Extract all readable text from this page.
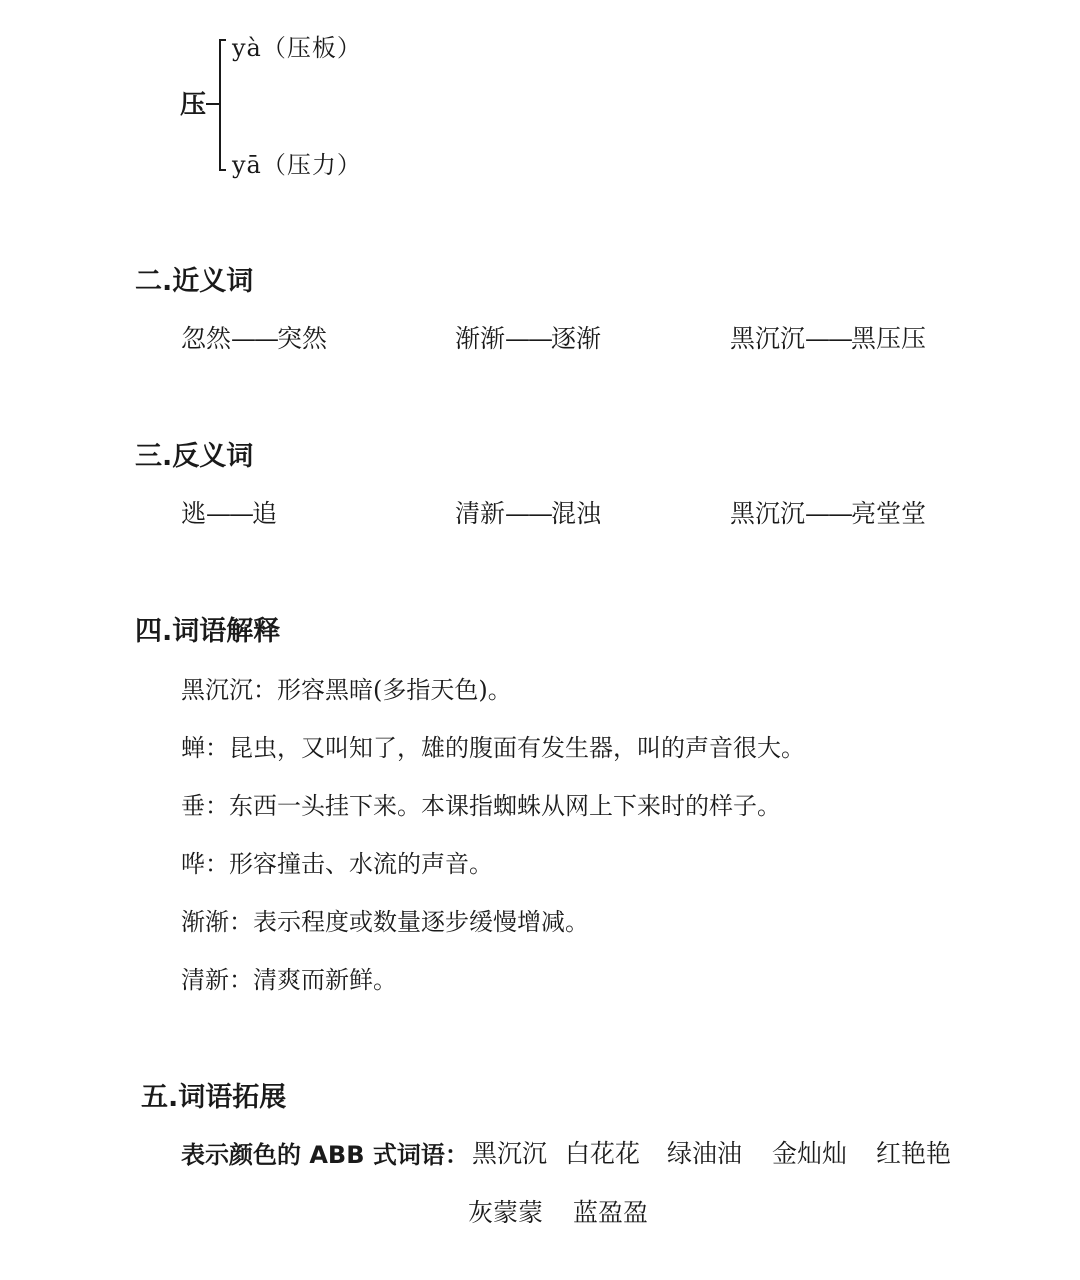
压
yà（压板）
yā（压力）
二.近义词
忽然——突然	渐渐——逐渐	黑沉沉——黑压压
三.反义词
逃——追	清新——混浊	黑沉沉——亮堂堂
四.词语解释
黑沉沉：形容黑暗(多指天色)。
蝉：昆虫，又叫知了，雄的腹面有发生器，叫的声音很大。
垂：东西一头挂下来。本课指蜘蛛从网上下来时的样子。
哗：形容撞击、水流的声音。
渐渐：表示程度或数量逐步缓慢增减。
清新：清爽而新鲜。
五.词语拓展
表示颜色的 ABB 式词语： 黑沉沉 白花花 绿油油 金灿灿 红艳艳
灰蒙蒙 蓝盈盈
